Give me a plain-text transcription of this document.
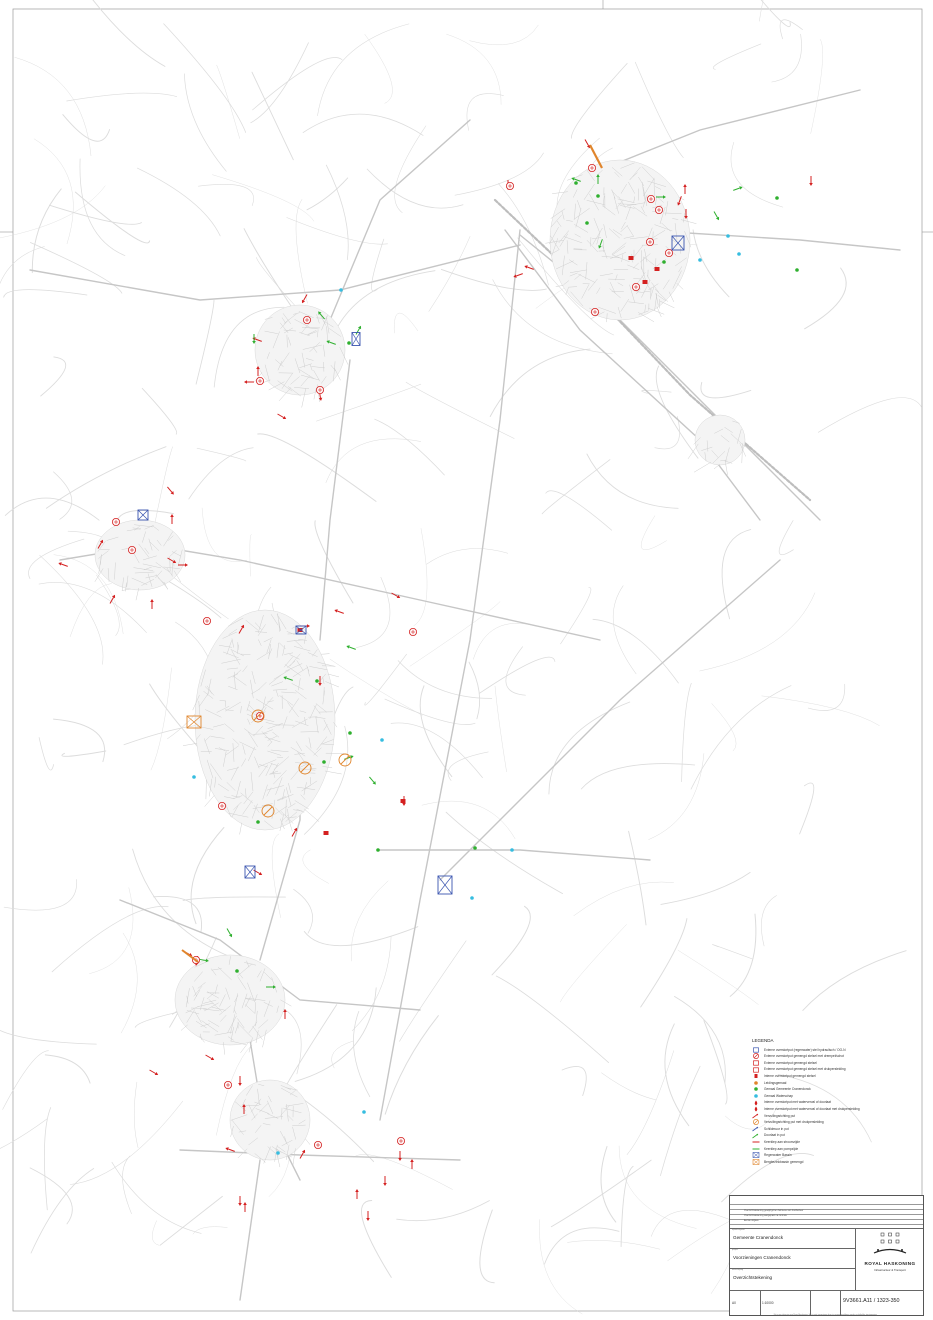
LEGENDA
Externe overstortput (regenwater) stel hydraulisch / OO-N
Externe overstortput gemengd stelsel met drempel/schot
Externe overstortput gemengd stelsel
Externe overstortput gemengd stelsel met drukpersleiding
Interne overstortput gemengd stelsel
Leidingsgemaal
Gemaal Gemeente Cranendonck
Gemaal Waterschap
Interne overstortput met waterverval of doorlaat
Interne overstortput met waterverval of doorlaat met drukpersleiding
Vervuilingsrichting put
Vervuilingsrichting put met drukpersleiding
Schildmuur in put
Doorlaat in put
Keerklep aan stroomzijde
Keerklep aan pompzijde
Regenwater Bassin
Bergbezinkbassin gemengd
Overzichtstekening gewijzigd ten behoeve van rioolbeheer
Overzichtstekening aangepast na controle
Eerste uitgave
opdrachtgever
Gemeente Cranendonck
project
Voorzieningen Cranendonck
omschrijving
Overzichtstekening
ROYAL HASKONING
Infrastructuur & Transport
A0	1:10000	9V3661.A11 / 1323-350
Dit is een tekening van Royal Haskoning. Het is niet toegestaan deze te vermenigvuldigen zonder schriftelijke toestemming.
